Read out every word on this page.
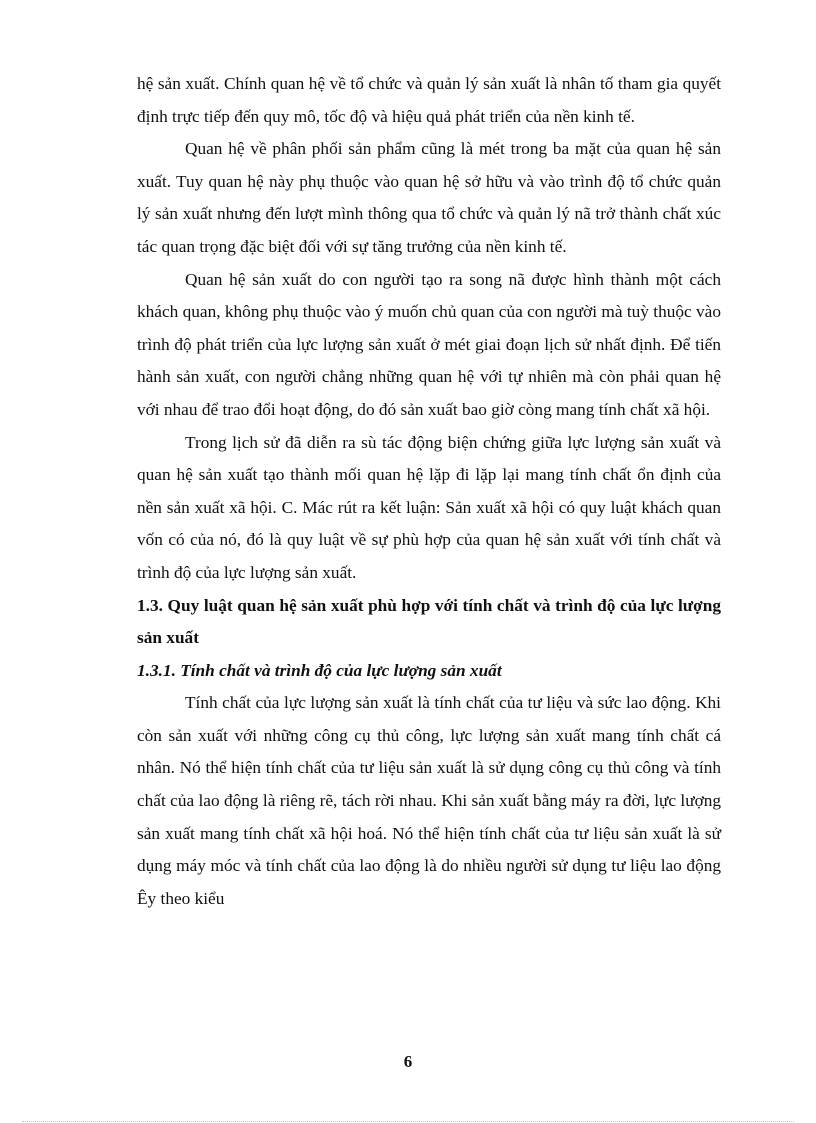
hệ sản xuất. Chính quan hệ về tổ chức và quản lý sản xuất là nhân tố tham gia quyết định trực tiếp đến quy mô, tốc độ và hiệu quả phát triển của nền kinh tế.

Quan hệ về phân phối sản phẩm cũng là mét trong ba mặt của quan hệ sản xuất. Tuy quan hệ này phụ thuộc vào quan hệ sở hữu và vào trình độ tổ chức quản lý sản xuất nhưng đến lượt mình thông qua tổ chức và quản lý nã trở thành chất xúc tác quan trọng đặc biệt đối với sự tăng trưởng của nền kinh tế.

Quan hệ sản xuất do con người tạo ra song nã được hình thành một cách khách quan, không phụ thuộc vào ý muốn chủ quan của con người mà tuỳ thuộc vào trình độ phát triển của lực lượng sản xuất ở mét giai đoạn lịch sử nhất định. Để tiến hành sản xuất, con người chẳng những quan hệ với tự nhiên mà còn phải quan hệ với nhau để trao đổi hoạt động, do đó sản xuất bao giờ còng mang tính chất xã hội.

Trong lịch sử đã diễn ra sù tác động biện chứng giữa lực lượng sản xuất và quan hệ sản xuất tạo thành mối quan hệ lặp đi lặp lại mang tính chất ổn định của nền sản xuất xã hội. C. Mác rút ra kết luận: Sản xuất xã hội có quy luật khách quan vốn có của nó, đó là quy luật về sự phù hợp của quan hệ sản xuất với tính chất và trình độ của lực lượng sản xuất.

1.3. Quy luật quan hệ sản xuất phù hợp với tính chất và trình độ của lực lượng sản xuất
1.3.1. Tính chất và trình độ của lực lượng sản xuất

Tính chất của lực lượng sản xuất là tính chất của tư liệu và sức lao động. Khi còn sản xuất với những công cụ thủ công, lực lượng sản xuất mang tính chất cá nhân. Nó thể hiện tính chất của tư liệu sản xuất là sử dụng công cụ thủ công và tính chất của lao động là riêng rẽ, tách rời nhau. Khi sản xuất bằng máy ra đời, lực lượng sản xuất mang tính chất xã hội hoá. Nó thể hiện tính chất của tư liệu sản xuất là sử dụng máy móc và tính chất của lao động là do nhiều người sử dụng tư liệu lao động Êy theo kiểu

6
